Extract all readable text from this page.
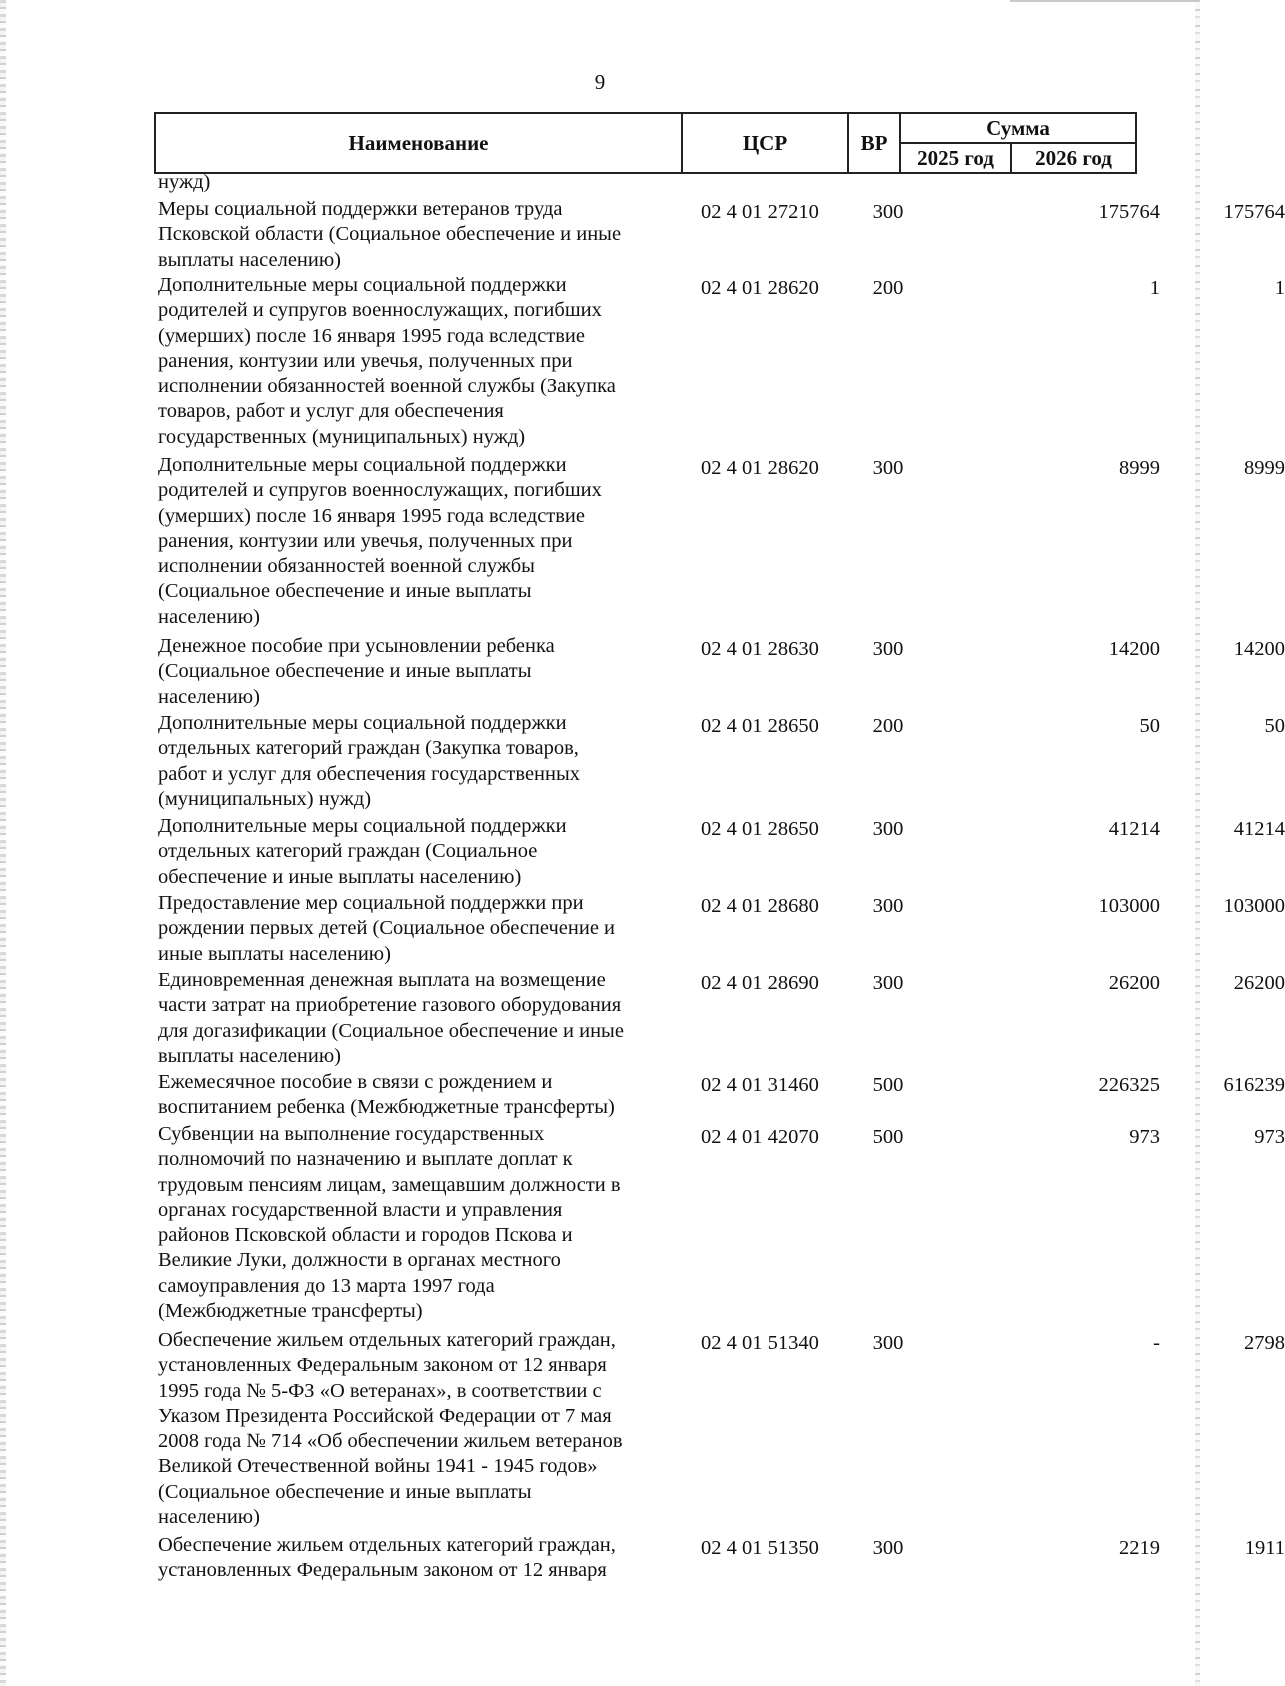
9
Наименование	ЦСР	ВР
Сумма
2025 год	2026 год
нужд)
Меры социальной поддержки ветеранов труда
Псковской области (Социальное обеспечение и иные
выплаты населению)
02 4 01 27210	300	175764	175764
Дополнительные меры социальной поддержки
родителей и супругов военнослужащих, погибших
(умерших) после 16 января 1995 года вследствие
ранения, контузии или увечья, полученных при
исполнении обязанностей военной службы (Закупка
товаров, работ и услуг для обеспечения
государственных (муниципальных) нужд)
02 4 01 28620	200	1	1
Дополнительные меры социальной поддержки
родителей и супругов военнослужащих, погибших
(умерших) после 16 января 1995 года вследствие
ранения, контузии или увечья, полученных при
исполнении обязанностей военной службы
(Социальное обеспечение и иные выплаты
населению)
02 4 01 28620	300	8999	8999
Денежное пособие при усыновлении ребенка
(Социальное обеспечение и иные выплаты
населению)
02 4 01 28630	300	14200	14200
Дополнительные меры социальной поддержки
отдельных категорий граждан (Закупка товаров,
работ и услуг для обеспечения государственных
(муниципальных) нужд)
02 4 01 28650	200	50	50
Дополнительные меры социальной поддержки
отдельных категорий граждан (Социальное
обеспечение и иные выплаты населению)
02 4 01 28650	300	41214	41214
Предоставление мер социальной поддержки при
рождении первых детей (Социальное обеспечение и
иные выплаты населению)
02 4 01 28680	300	103000	103000
Единовременная денежная выплата на возмещение
части затрат на приобретение газового оборудования
для догазификации (Социальное обеспечение и иные
выплаты населению)
02 4 01 28690	300	26200	26200
Ежемесячное пособие в связи с рождением и
воспитанием ребенка (Межбюджетные трансферты)
02 4 01 31460	500	226325	616239
Субвенции на выполнение государственных
полномочий по назначению и выплате доплат к
трудовым пенсиям лицам, замещавшим должности в
органах государственной власти и управления
районов Псковской области и городов Пскова и
Великие Луки, должности в органах местного
самоуправления до 13 марта 1997 года
(Межбюджетные трансферты)
02 4 01 42070	500	973	973
Обеспечение жильем отдельных категорий граждан,
установленных Федеральным законом от 12 января
1995 года № 5-ФЗ «О ветеранах», в соответствии с
Указом Президента Российской Федерации от 7 мая
2008 года № 714 «Об обеспечении жильем ветеранов
Великой Отечественной войны 1941 - 1945 годов»
(Социальное обеспечение и иные выплаты
населению)
02 4 01 51340	300	-	2798
Обеспечение жильем отдельных категорий граждан,
установленных Федеральным законом от 12 января
02 4 01 51350	300	2219	1911
